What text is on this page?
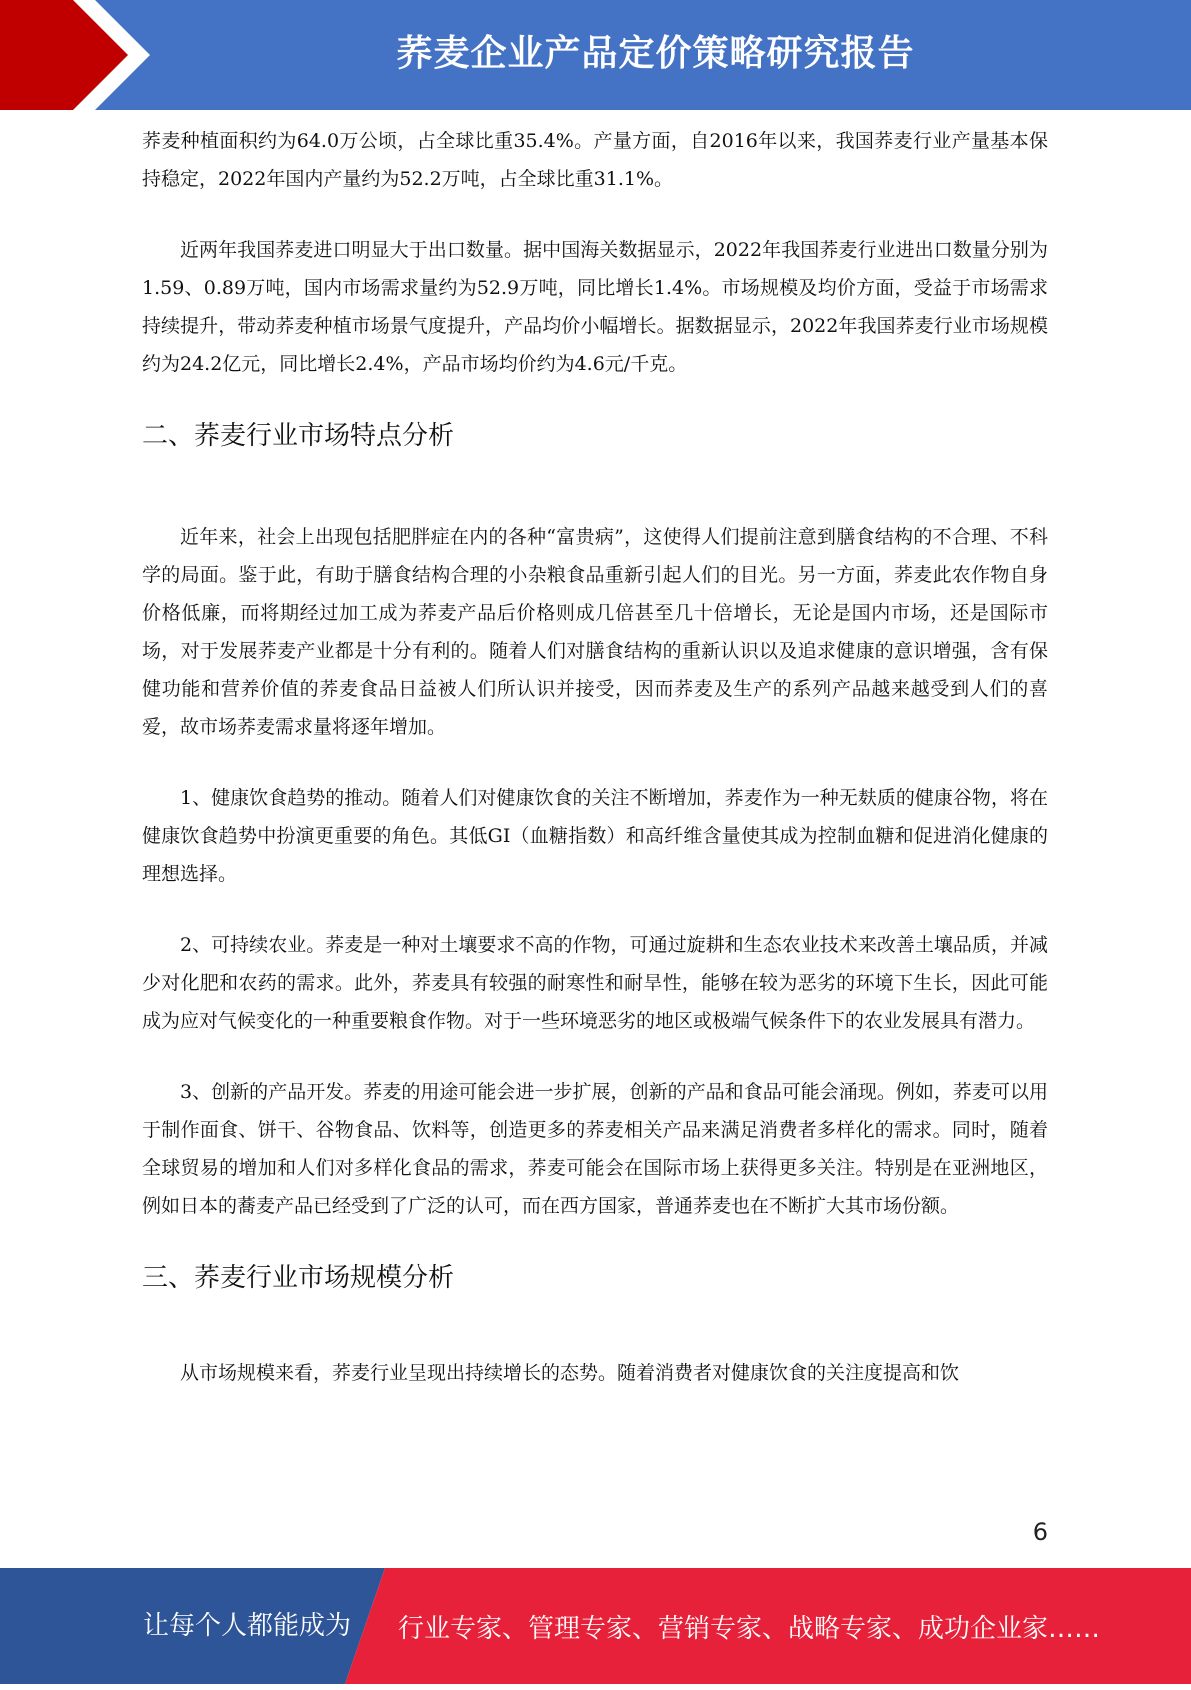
荞麦企业产品定价策略研究报告

荞麦种植面积约为64.0万公顷，占全球比重35.4%。产量方面，自2016年以来，我国荞麦行业产量基本保持稳定，2022年国内产量约为52.2万吨，占全球比重31.1%。

近两年我国荞麦进口明显大于出口数量。据中国海关数据显示，2022年我国荞麦行业进出口数量分别为1.59、0.89万吨，国内市场需求量约为52.9万吨，同比增长1.4%。市场规模及均价方面，受益于市场需求持续提升，带动荞麦种植市场景气度提升，产品均价小幅增长。据数据显示，2022年我国荞麦行业市场规模约为24.2亿元，同比增长2.4%，产品市场均价约为4.6元/千克。

二、荞麦行业市场特点分析

近年来，社会上出现包括肥胖症在内的各种“富贵病”，这使得人们提前注意到膳食结构的不合理、不科学的局面。鉴于此，有助于膳食结构合理的小杂粮食品重新引起人们的目光。另一方面，荞麦此农作物自身价格低廉，而将期经过加工成为荞麦产品后价格则成几倍甚至几十倍增长，无论是国内市场，还是国际市场，对于发展荞麦产业都是十分有利的。随着人们对膳食结构的重新认识以及追求健康的意识增强，含有保健功能和营养价值的荞麦食品日益被人们所认识并接受，因而荞麦及生产的系列产品越来越受到人们的喜爱，故市场荞麦需求量将逐年增加。

1、健康饮食趋势的推动。随着人们对健康饮食的关注不断增加，荞麦作为一种无麸质的健康谷物，将在健康饮食趋势中扮演更重要的角色。其低GI（血糖指数）和高纤维含量使其成为控制血糖和促进消化健康的理想选择。

2、可持续农业。荞麦是一种对土壤要求不高的作物，可通过旋耕和生态农业技术来改善土壤品质，并减少对化肥和农药的需求。此外，荞麦具有较强的耐寒性和耐旱性，能够在较为恶劣的环境下生长，因此可能成为应对气候变化的一种重要粮食作物。对于一些环境恶劣的地区或极端气候条件下的农业发展具有潜力。

3、创新的产品开发。荞麦的用途可能会进一步扩展，创新的产品和食品可能会涌现。例如，荞麦可以用于制作面食、饼干、谷物食品、饮料等，创造更多的荞麦相关产品来满足消费者多样化的需求。同时，随着全球贸易的增加和人们对多样化食品的需求，荞麦可能会在国际市场上获得更多关注。特别是在亚洲地区，例如日本的蕎麦产品已经受到了广泛的认可，而在西方国家，普通荞麦也在不断扩大其市场份额。

三、荞麦行业市场规模分析

从市场规模来看，荞麦行业呈现出持续增长的态势。随着消费者对健康饮食的关注度提高和饮

6
让每个人都能成为 行业专家、管理专家、营销专家、战略专家、成功企业家……
